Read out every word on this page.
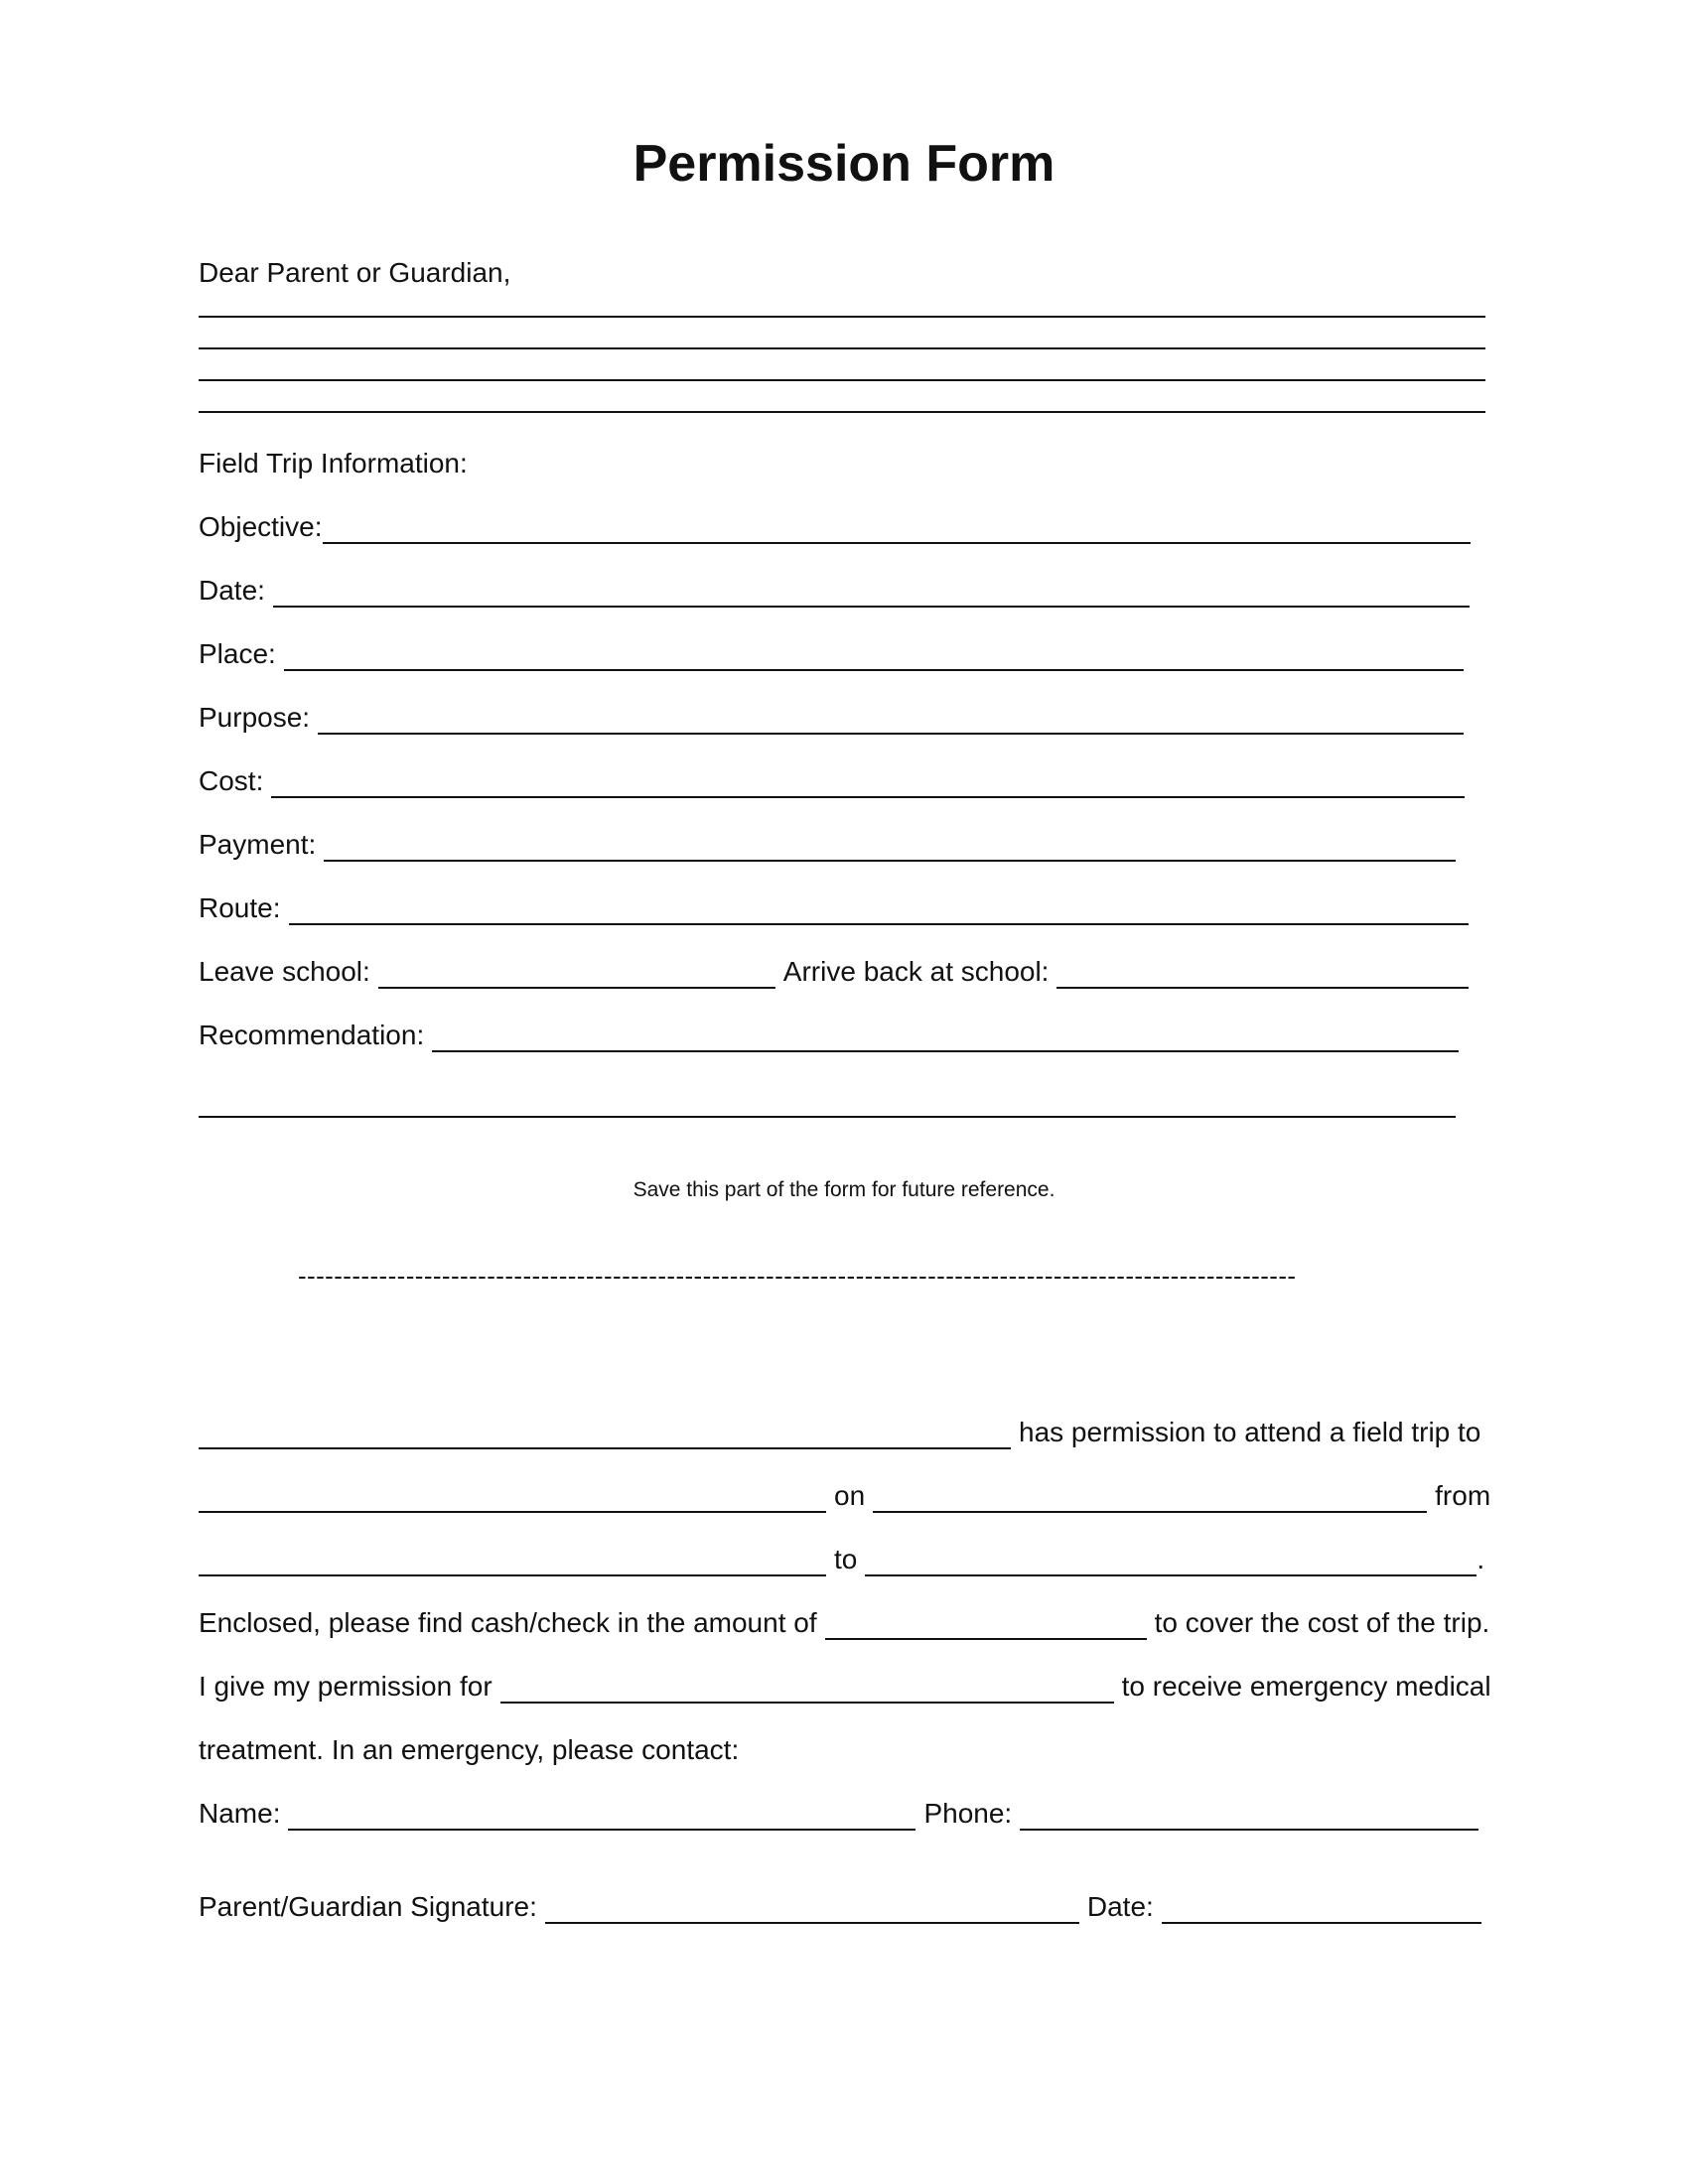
Permission Form
Dear Parent or Guardian,
Field Trip Information:
Objective:
Date:
Place:
Purpose:
Cost:
Payment:
Route:
Leave school:	Arrive back at school:
Recommendation:
Save this part of the form for future reference.
---------------------------------------------------------------------------------------------------------------
has permission to attend a field trip to
on	from
to	.
Enclosed, please find cash/check in the amount of	to cover the cost of the trip.
I give my permission for	to receive emergency medical
treatment. In an emergency, please contact:
Name:	Phone:
Parent/Guardian Signature:	Date:
